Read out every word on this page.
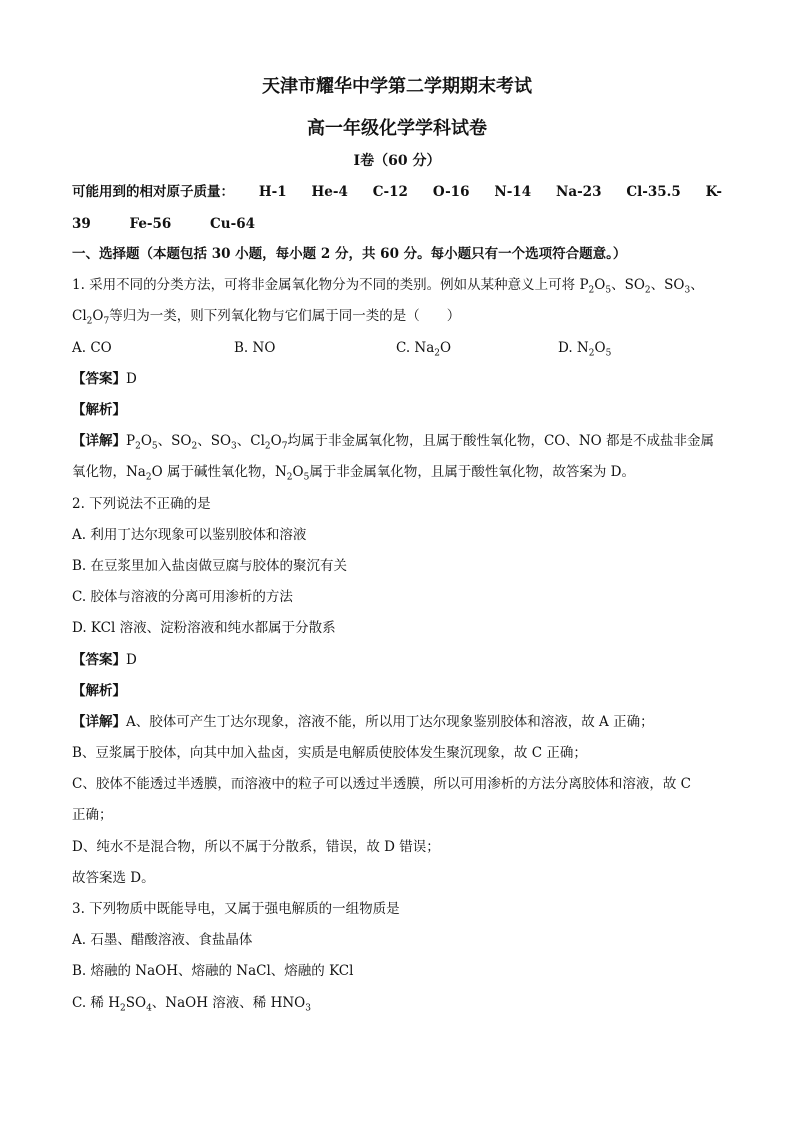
天津市耀华中学第二学期期末考试
高一年级化学学科试卷
Ⅰ卷（60 分）
可能用到的相对原子质量： H-1 He-4 C-12 O-16 N-14 Na-23 Cl-35.5 K-
39	Fe-56	Cu-64
一、选择题（本题包括 30 小题，每小题 2 分，共 60 分。每小题只有一个选项符合题意。）
1. 采用不同的分类方法，可将非金属氧化物分为不同的类别。例如从某种意义上可将 $P_2O_5$、$SO_2$、$SO_3$、
$Cl_2O_7$等归为一类，则下列氧化物与它们属于同一类的是（　　）
A. CO	B. NO	C. $Na_2O$	D. $N_2O_5$
【答案】D
【解析】
【详解】$P_2O_5$、$SO_2$、$SO_3$、$Cl_2O_7$均属于非金属氧化物，且属于酸性氧化物，CO、NO 都是不成盐非金属
氧化物，$Na_2O$ 属于碱性氧化物，$N_2O_5$属于非金属氧化物，且属于酸性氧化物，故答案为 D。
2. 下列说法不正确的是
A. 利用丁达尔现象可以鉴别胶体和溶液
B. 在豆浆里加入盐卤做豆腐与胶体的聚沉有关
C. 胶体与溶液的分离可用渗析的方法
D. KCl 溶液、淀粉溶液和纯水都属于分散系
【答案】D
【解析】
【详解】A、胶体可产生丁达尔现象，溶液不能，所以用丁达尔现象鉴别胶体和溶液，故 A 正确；
B、豆浆属于胶体，向其中加入盐卤，实质是电解质使胶体发生聚沉现象，故 C 正确；
C、胶体不能透过半透膜，而溶液中的粒子可以透过半透膜，所以可用渗析的方法分离胶体和溶液，故 C
正确；
D、纯水不是混合物，所以不属于分散系，错误，故 D 错误；
故答案选 D。
3. 下列物质中既能导电，又属于强电解质的一组物质是
A. 石墨、醋酸溶液、食盐晶体
B. 熔融的 NaOH、熔融的 NaCl、熔融的 KCl
C. 稀 $H_2SO_4$、NaOH 溶液、稀 $HNO_3$
